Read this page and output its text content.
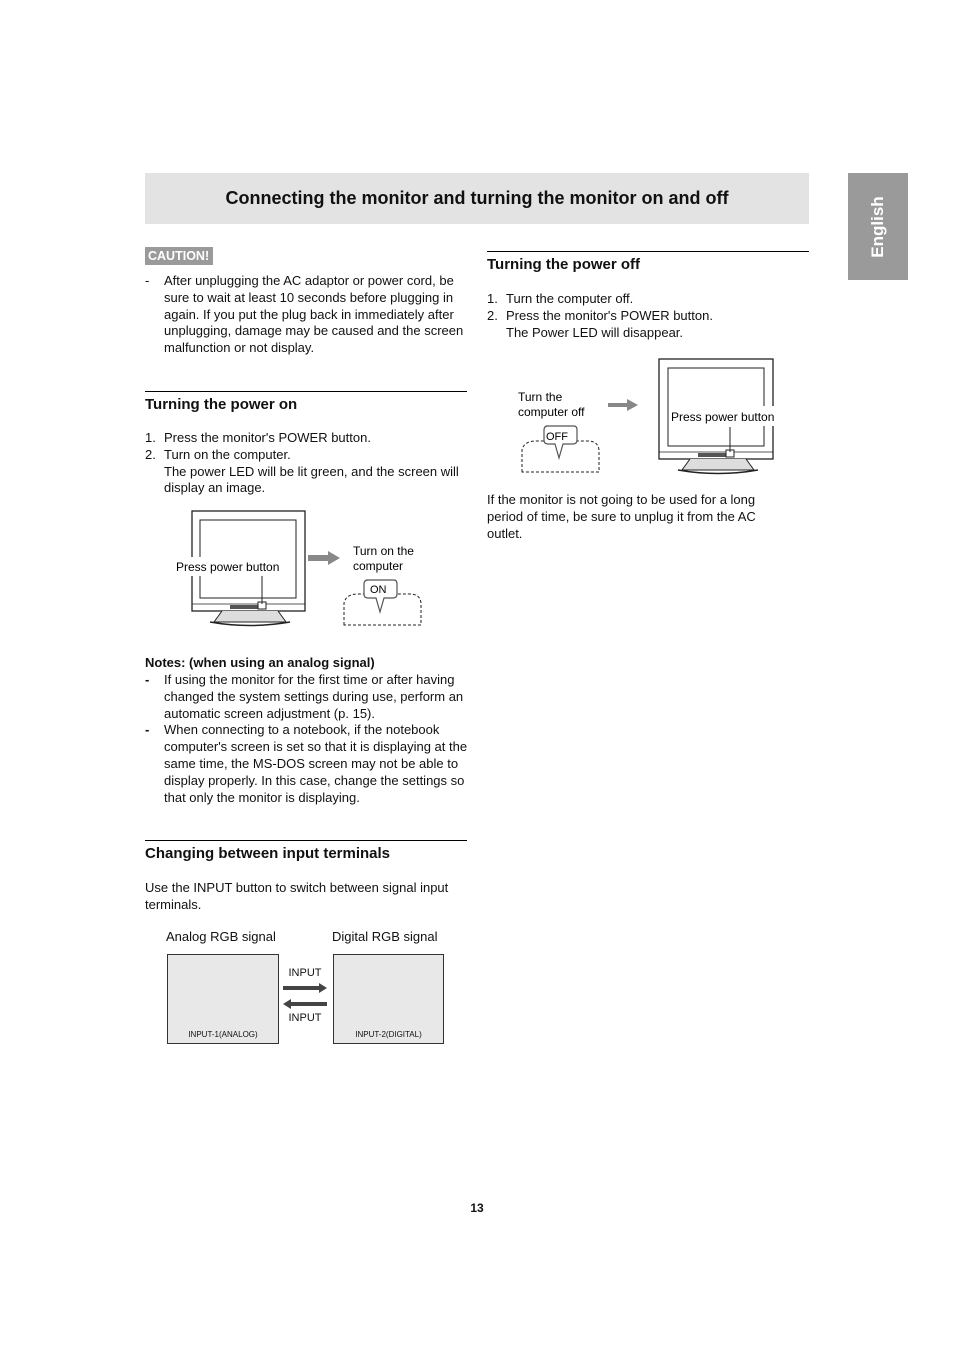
Connecting the monitor and turning the monitor on and off	English
CAUTION!
- After unplugging the AC adaptor or power cord, be sure to wait at least 10 seconds before plugging in again. If you put the plug back in immediately after unplugging, damage may be caused and the screen malfunction or not display.
Turning the power on
1. Press the monitor's POWER button.
2. Turn on the computer.
The power LED will be lit green, and the screen will display an image.
Press power button
Turn on the
computer
ON
Notes: (when using an analog signal)
- If using the monitor for the first time or after having changed the system settings during use, perform an automatic screen adjustment (p. 15).
- When connecting to a notebook, if the notebook computer's screen is set so that it is displaying at the same time, the MS-DOS screen may not be able to display properly. In this case, change the settings so that only the monitor is displaying.
Changing between input terminals
Use the INPUT button to switch between signal input terminals.
Analog RGB signal	Digital RGB signal
INPUT-1(ANALOG)	INPUT-2(DIGITAL)
INPUT
INPUT
Turning the power off
1. Turn the computer off.
2. Press the monitor's POWER button.
The Power LED will disappear.
Turn the
computer off
OFF
Press power button
If the monitor is not going to be used for a long period of time, be sure to unplug it from the AC outlet.
13
